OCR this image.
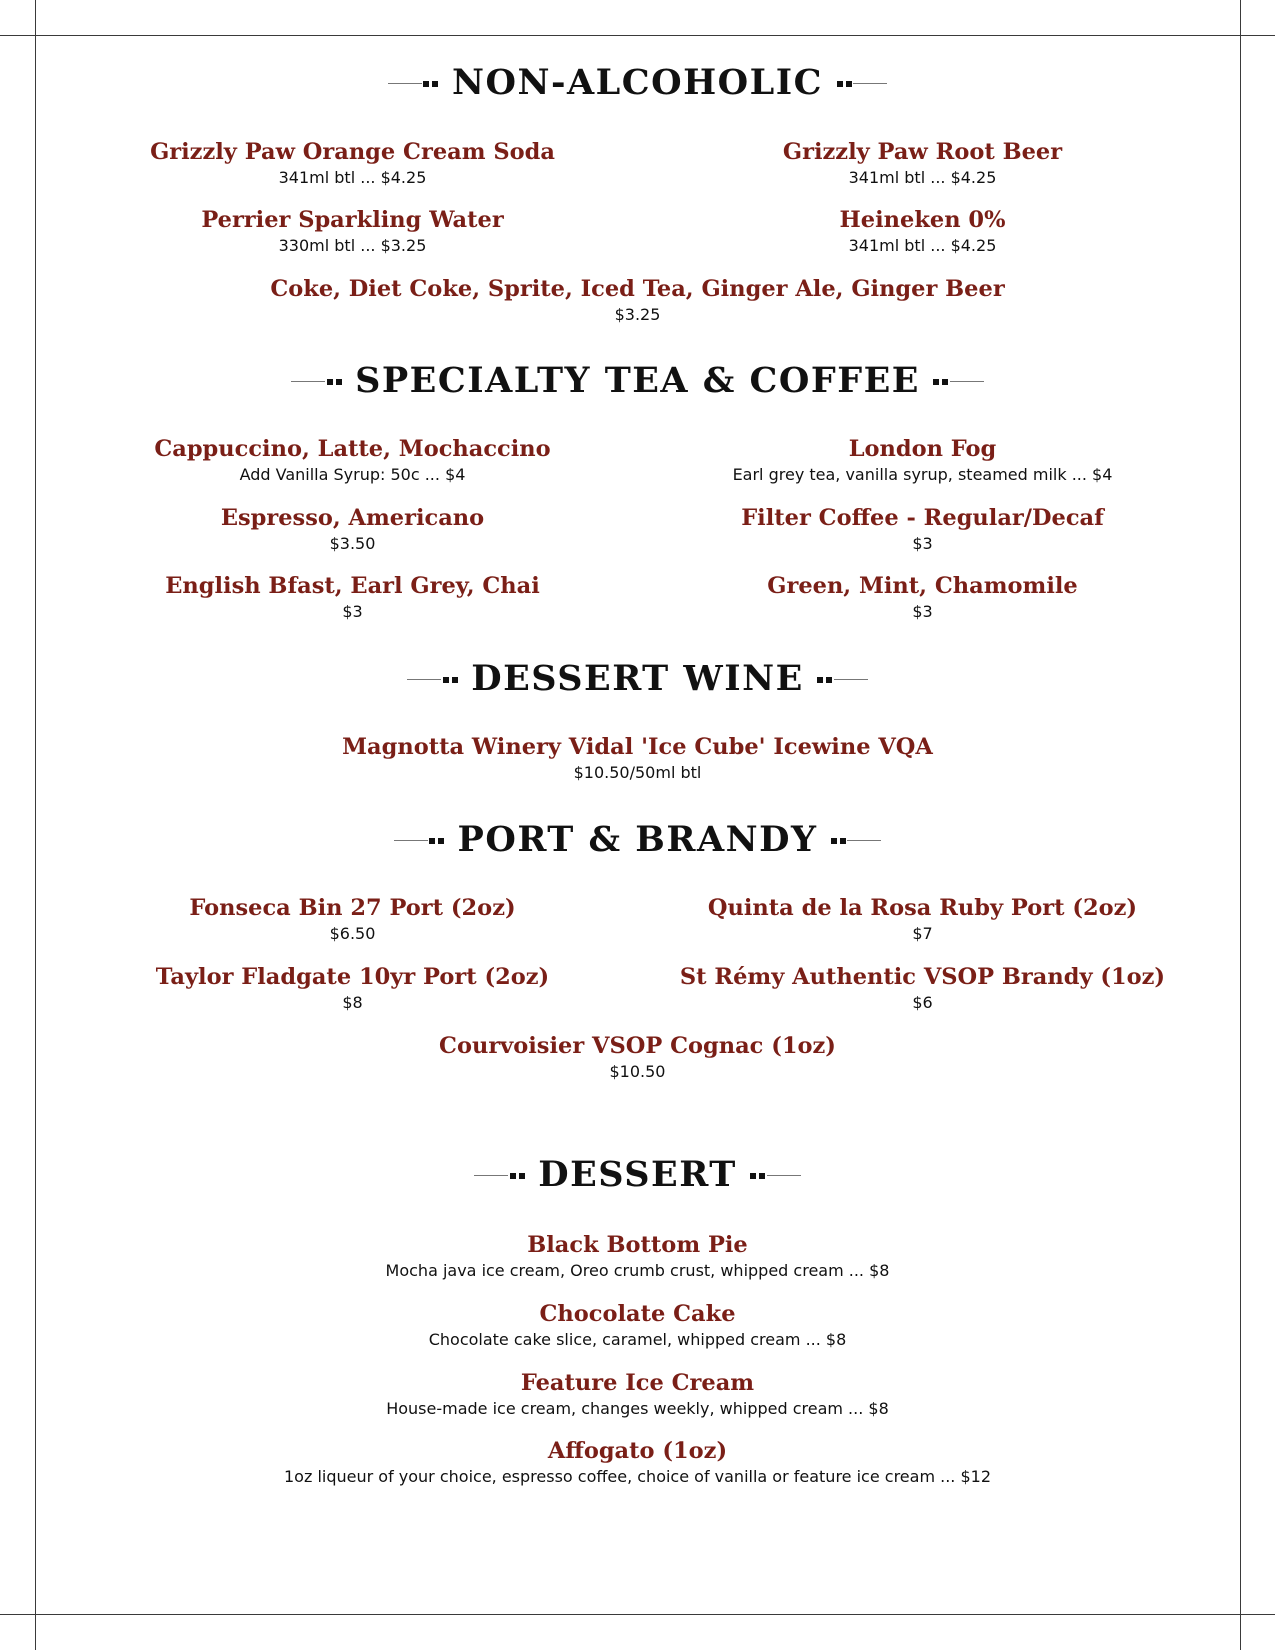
NON-ALCOHOLIC
Grizzly Paw Orange Cream Soda
341ml btl ... $4.25
Grizzly Paw Root Beer
341ml btl ... $4.25
Perrier Sparkling Water
330ml btl ... $3.25
Heineken 0%
341ml btl ... $4.25
Coke, Diet Coke, Sprite, Iced Tea, Ginger Ale, Ginger Beer
$3.25
SPECIALTY TEA & COFFEE
Cappuccino, Latte, Mochaccino
Add Vanilla Syrup: 50c ... $4
London Fog
Earl grey tea, vanilla syrup, steamed milk ... $4
Espresso, Americano
$3.50
Filter Coffee - Regular/Decaf
$3
English Bfast, Earl Grey, Chai
$3
Green, Mint, Chamomile
$3
DESSERT WINE
Magnotta Winery Vidal 'Ice Cube' Icewine VQA
$10.50/50ml btl
PORT & BRANDY
Fonseca Bin 27 Port (2oz)
$6.50
Quinta de la Rosa Ruby Port (2oz)
$7
Taylor Fladgate 10yr Port (2oz)
$8
St Rémy Authentic VSOP Brandy (1oz)
$6
Courvoisier VSOP Cognac (1oz)
$10.50
DESSERT
Black Bottom Pie
Mocha java ice cream, Oreo crumb crust, whipped cream ... $8
Chocolate Cake
Chocolate cake slice, caramel, whipped cream ... $8
Feature Ice Cream
House-made ice cream, changes weekly, whipped cream ... $8
Affogato (1oz)
1oz liqueur of your choice, espresso coffee, choice of vanilla or feature ice cream ... $12
